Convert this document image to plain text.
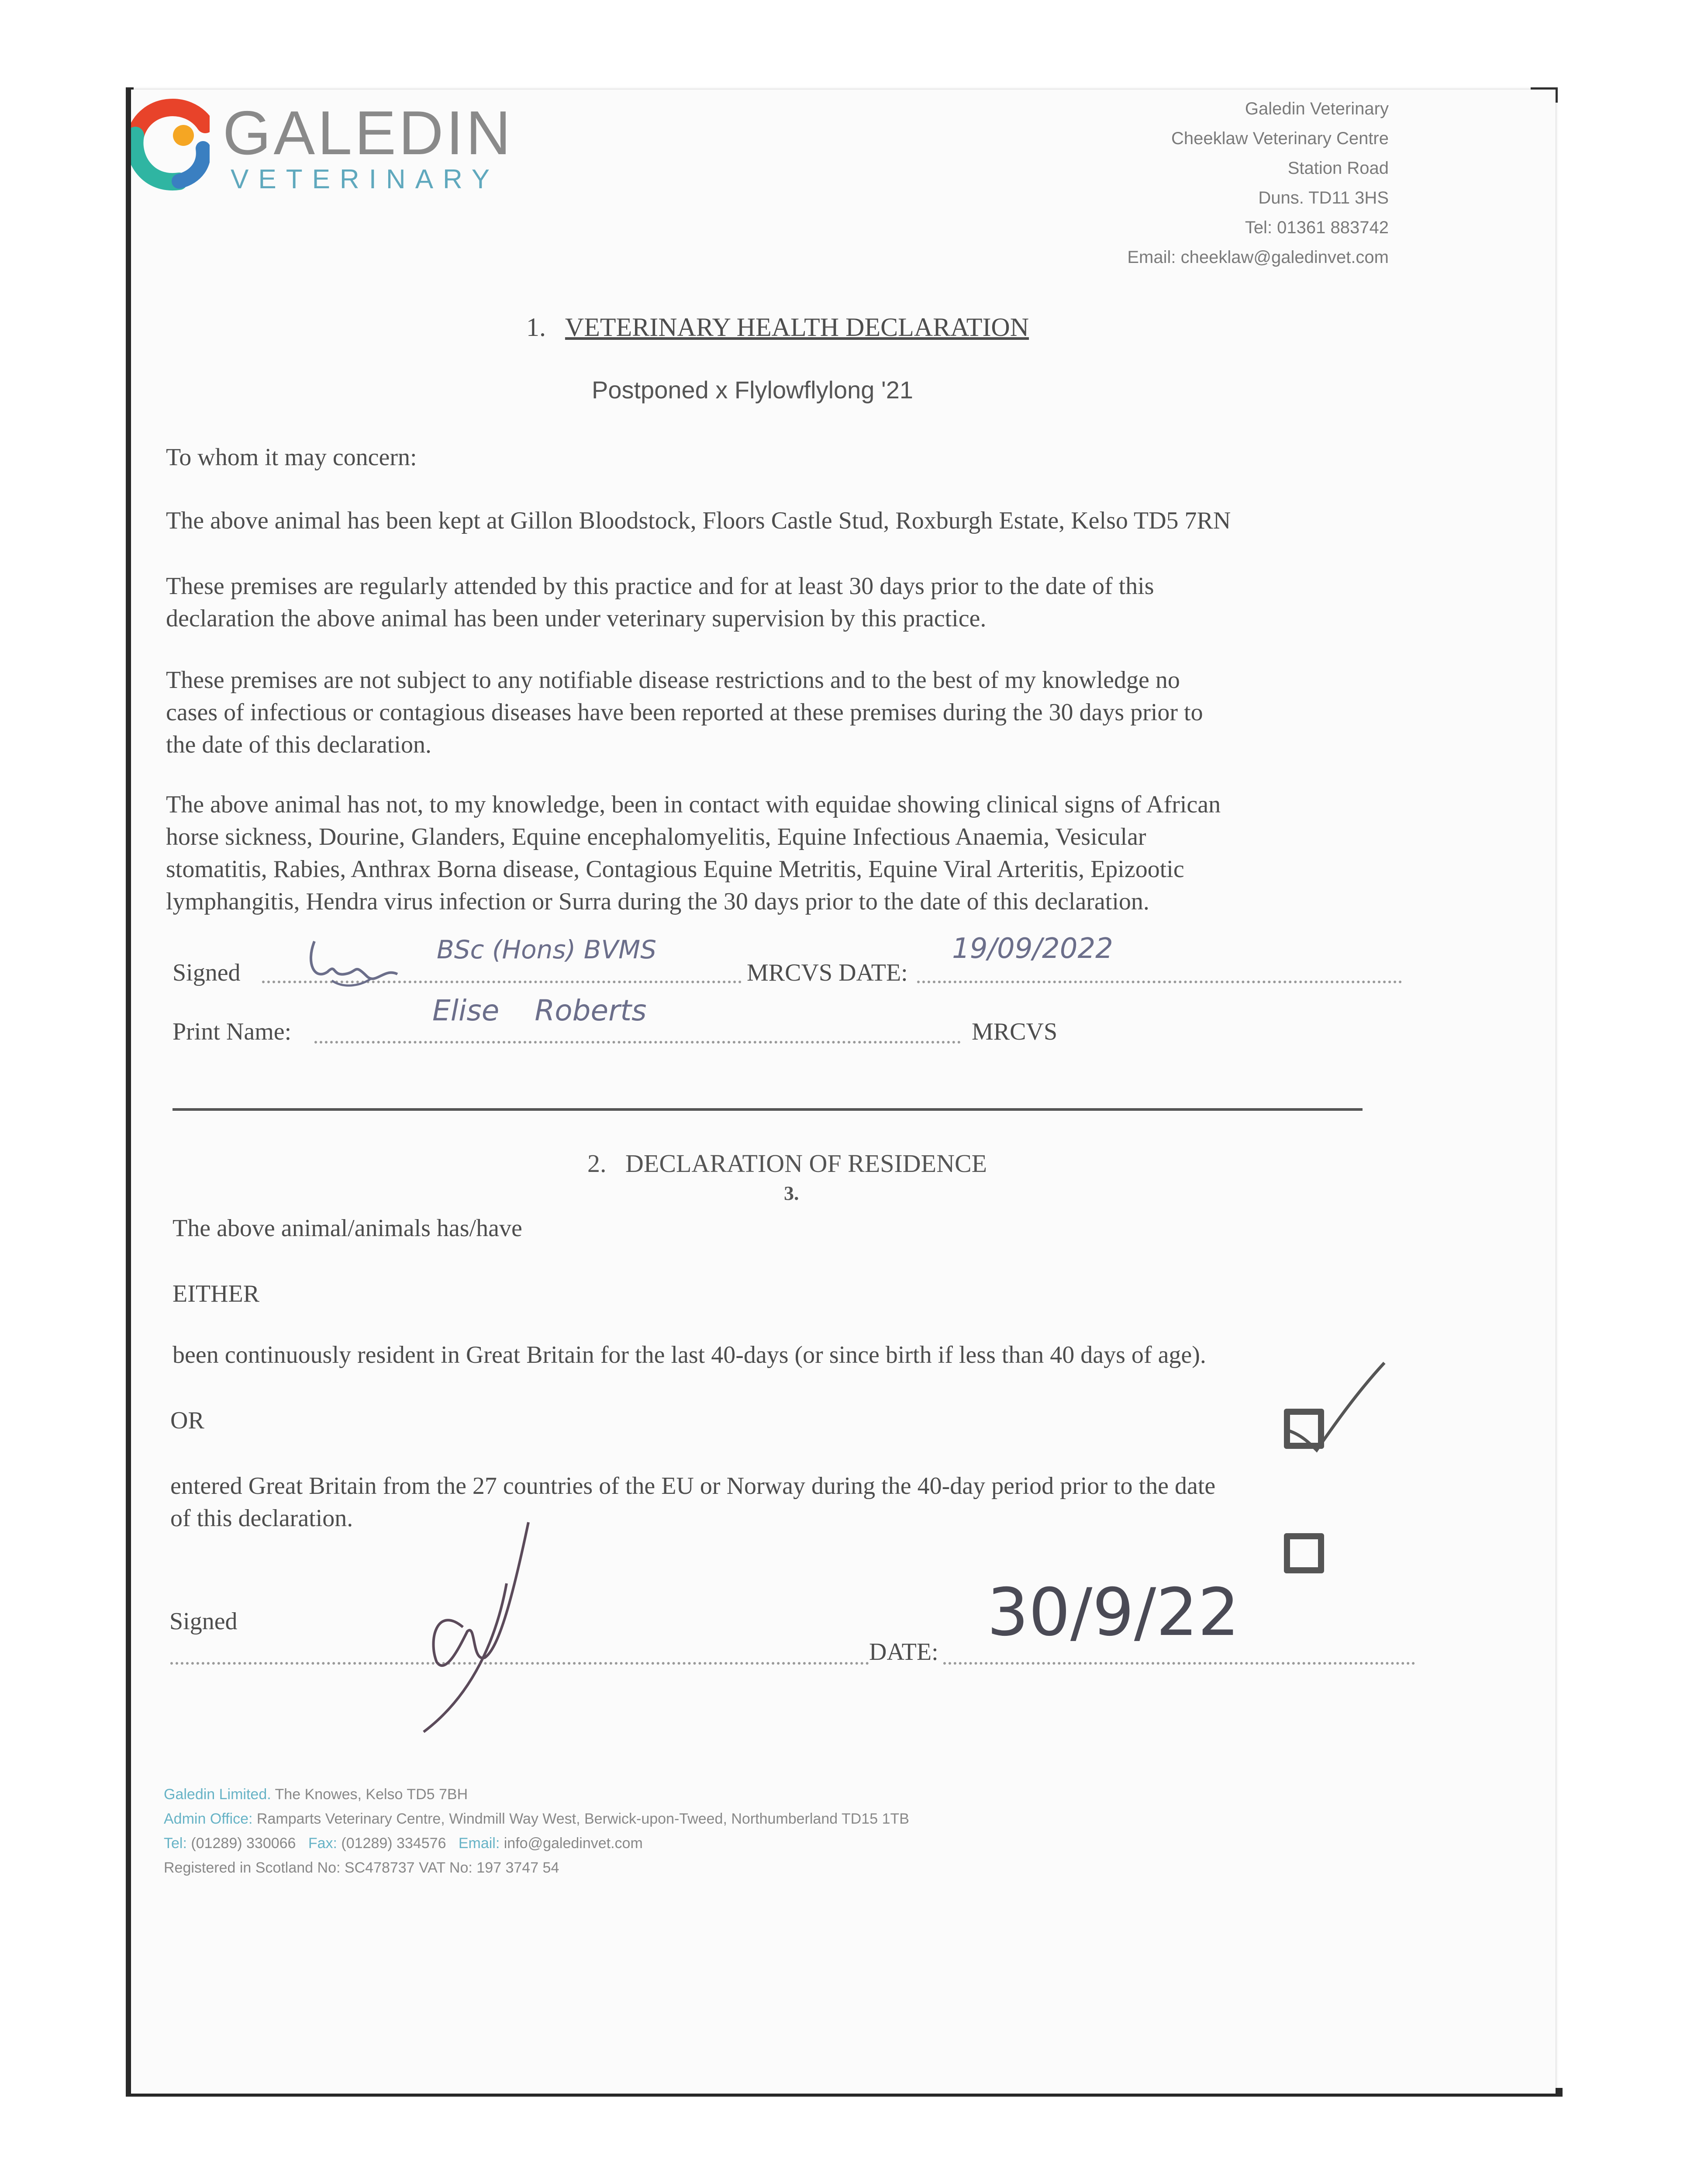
GALEDIN
VETERINARY
Galedin Veterinary
Cheeklaw Veterinary Centre
Station Road
Duns. TD11 3HS
Tel: 01361 883742
Email: cheeklaw@galedinvet.com
1. VETERINARY HEALTH DECLARATION
Postponed x Flylowflylong '21
To whom it may concern:
The above animal has been kept at Gillon Bloodstock, Floors Castle Stud, Roxburgh Estate, Kelso TD5 7RN
These premises are regularly attended by this practice and for at least 30 days prior to the date of this
declaration the above animal has been under veterinary supervision by this practice.
These premises are not subject to any notifiable disease restrictions and to the best of my knowledge no
cases of infectious or contagious diseases have been reported at these premises during the 30 days prior to
the date of this declaration.
The above animal has not, to my knowledge, been in contact with equidae showing clinical signs of African
horse sickness, Dourine, Glanders, Equine encephalomyelitis, Equine Infectious Anaemia, Vesicular
stomatitis, Rabies, Anthrax Borna disease, Contagious Equine Metritis, Equine Viral Arteritis, Epizootic
lymphangitis, Hendra virus infection or Surra during the 30 days prior to the date of this declaration.
Signed
BSc (Hons) BVMS
MRCVS DATE:
19/09/2022
Print Name:
Elise Roberts
MRCVS
2. DECLARATION OF RESIDENCE
3.
The above animal/animals has/have
EITHER
been continuously resident in Great Britain for the last 40-days (or since birth if less than 40 days of age).
OR
entered Great Britain from the 27 countries of the EU or Norway during the 40-day period prior to the date
of this declaration.
Signed
DATE:
30/9/22
Galedin Limited. The Knowes, Kelso TD5 7BH
Admin Office: Ramparts Veterinary Centre, Windmill Way West, Berwick-upon-Tweed, Northumberland TD15 1TB
Tel: (01289) 330066 Fax: (01289) 334576 Email: info@galedinvet.com
Registered in Scotland No: SC478737 VAT No: 197 3747 54
